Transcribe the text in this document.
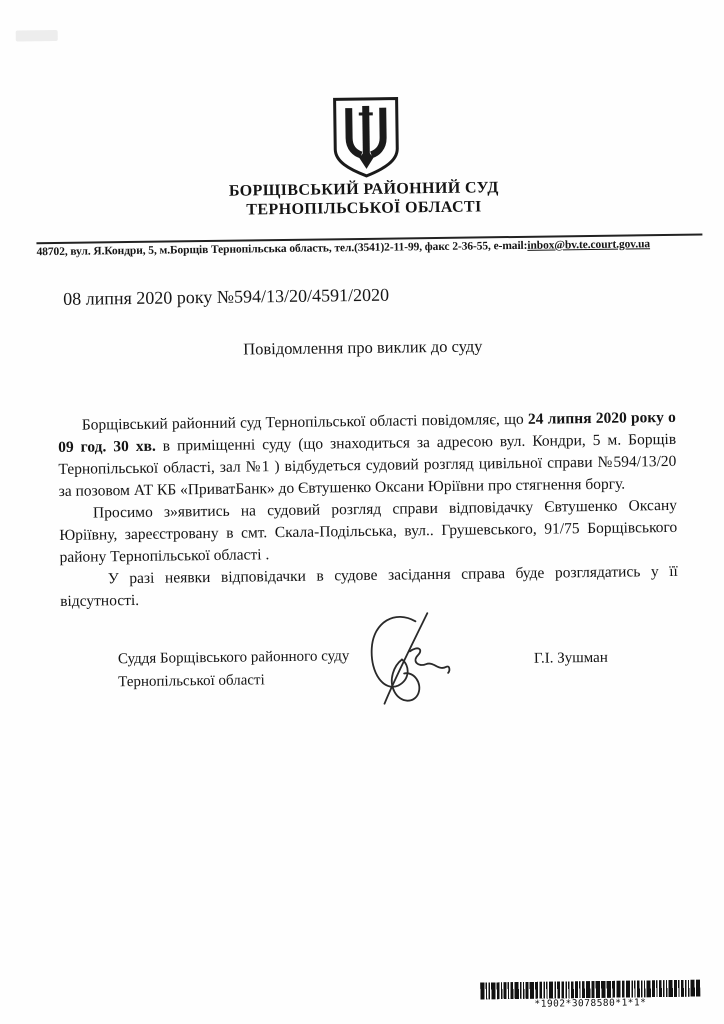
БОРЩІВСЬКИЙ РАЙОННИЙ СУД
ТЕРНОПІЛЬСЬКОЇ ОБЛАСТІ
48702, вул. Я.Кондри, 5, м.Борщів Тернопільська область, тел.(3541)2-11-99, факс 2-36-55, e-mail:inbox@bv.te.court.gov.ua
08 липня 2020 року №594/13/20/4591/2020
Повідомлення про виклик до суду

Борщівський районний суд Тернопільської області повідомляє, що 24 липня 2020 року о 09 год. 30 хв. в приміщенні суду (що знаходиться за адресою вул. Кондри, 5 м. Борщів Тернопільської області, зал №1 ) відбудеться судовий розгляд цивільної справи №594/13/20 за позовом АТ КБ «ПриватБанк» до Євтушенко Оксани Юріївни про стягнення боргу.

Просимо з»явитись на судовий розгляд справи відповідачку Євтушенко Оксану Юріївну, зареєстровану в смт. Скала-Подільська, вул.. Грушевського, 91/75 Борщівського району Тернопільської області .

У разі неявки відповідачки в судове засідання справа буде розглядатись у її відсутності.

Суддя Борщівського районного суду
Тернопільської області
Г.І. Зушман
*1902*3078580*1*1*
